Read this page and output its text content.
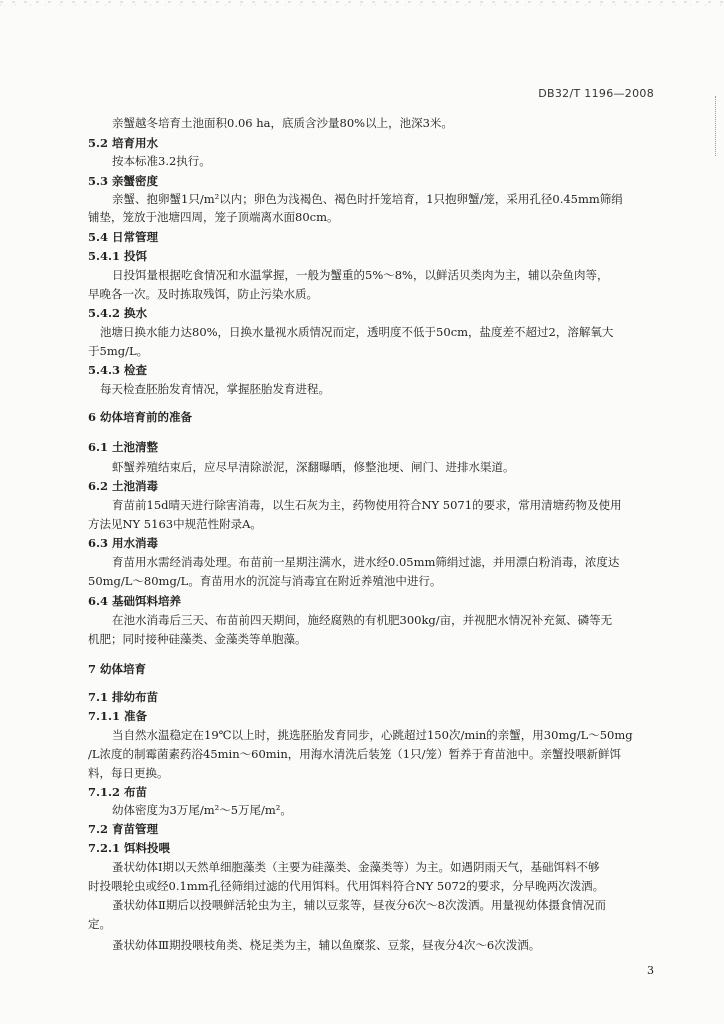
DB32/T 1196—2008
亲蟹越冬培育土池面积0.06 ha，底质含沙量80%以上，池深3米。
5.2 培育用水
按本标准3.2执行。
5.3 亲蟹密度
亲蟹、抱卵蟹1只/m²以内；卵色为浅褐色、褐色时扦笼培育，1只抱卵蟹/笼，采用孔径0.45mm筛绢
铺垫，笼放于池塘四周，笼子顶端离水面80cm。
5.4 日常管理
5.4.1 投饵
日投饵量根据吃食情况和水温掌握，一般为蟹重的5%～8%，以鲜活贝类肉为主，辅以杂鱼肉等，
早晚各一次。及时拣取残饵，防止污染水质。
5.4.2 换水
池塘日换水能力达80%，日换水量视水质情况而定，透明度不低于50cm，盐度差不超过2，溶解氧大
于5mg/L。
5.4.3 检查
每天检查胚胎发育情况，掌握胚胎发育进程。
6 幼体培育前的准备
6.1 土池清整
虾蟹养殖结束后，应尽早清除淤泥，深翻曝晒，修整池埂、闸门、进排水渠道。
6.2 土池消毒
育苗前15d晴天进行除害消毒，以生石灰为主，药物使用符合NY 5071的要求，常用清塘药物及使用
方法见NY 5163中规范性附录A。
6.3 用水消毒
育苗用水需经消毒处理。布苗前一星期注满水，进水经0.05mm筛绢过滤，并用漂白粉消毒，浓度达
50mg/L～80mg/L。育苗用水的沉淀与消毒宜在附近养殖池中进行。
6.4 基础饵料培养
在池水消毒后三天、布苗前四天期间，施经腐熟的有机肥300kg/亩，并视肥水情况补充氮、磷等无
机肥；同时接种硅藻类、金藻类等单胞藻。
7 幼体培育
7.1 排幼布苗
7.1.1 准备
当自然水温稳定在19℃以上时，挑选胚胎发育同步，心跳超过150次/min的亲蟹，用30mg/L～50mg
/L浓度的制霉菌素药浴45min～60min，用海水清洗后装笼（1只/笼）暂养于育苗池中。亲蟹投喂新鲜饵
料，每日更换。
7.1.2 布苗
幼体密度为3万尾/m²～5万尾/m²。
7.2 育苗管理
7.2.1 饵料投喂
蚤状幼体Ⅰ期以天然单细胞藻类（主要为硅藻类、金藻类等）为主。如遇阴雨天气，基础饵料不够
时投喂轮虫或经0.1mm孔径筛绢过滤的代用饵料。代用饵料符合NY 5072的要求，分早晚两次泼洒。
蚤状幼体Ⅱ期后以投喂鲜活轮虫为主，辅以豆浆等，昼夜分6次～8次泼洒。用量视幼体摄食情况而
定。
蚤状幼体Ⅲ期投喂枝角类、桡足类为主，辅以鱼糜浆、豆浆，昼夜分4次～6次泼洒。
3
